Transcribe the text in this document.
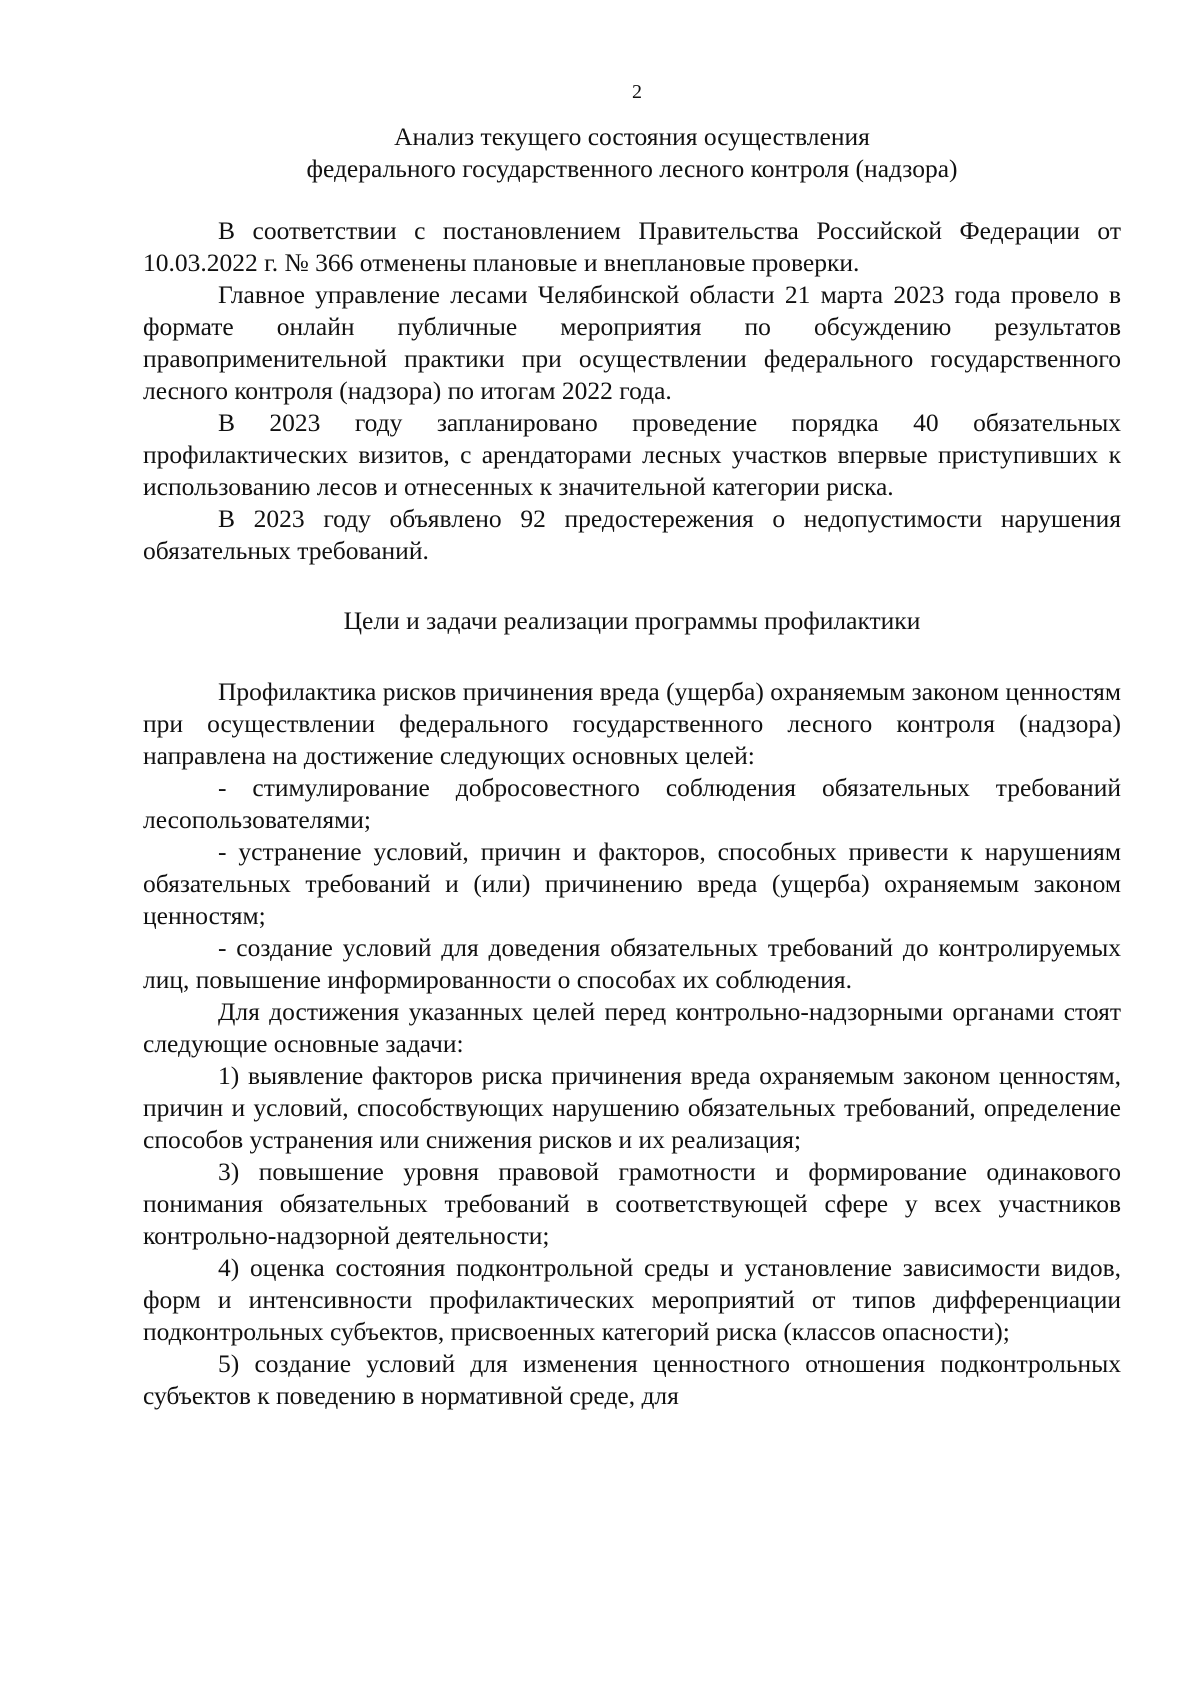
2
Анализ текущего состояния осуществления
федерального государственного лесного контроля (надзора)

В соответствии с постановлением Правительства Российской Федерации от 10.03.2022 г. № 366 отменены плановые и внеплановые проверки.

Главное управление лесами Челябинской области 21 марта 2023 года провело в формате онлайн публичные мероприятия по обсуждению результатов правоприменительной практики при осуществлении федерального государственного лесного контроля (надзора) по итогам 2022 года.

В 2023 году запланировано проведение порядка 40 обязательных профилактических визитов, с арендаторами лесных участков впервые приступивших к использованию лесов и отнесенных к значительной категории риска.

В 2023 году объявлено 92 предостережения о недопустимости нарушения обязательных требований.

Цели и задачи реализации программы профилактики

Профилактика рисков причинения вреда (ущерба) охраняемым законом ценностям при осуществлении федерального государственного лесного контроля (надзора) направлена на достижение следующих основных целей:

- стимулирование добросовестного соблюдения обязательных требований лесопользователями;

- устранение условий, причин и факторов, способных привести к нарушениям обязательных требований и (или) причинению вреда (ущерба) охраняемым законом ценностям;

- создание условий для доведения обязательных требований до контролируемых лиц, повышение информированности о способах их соблюдения.

Для достижения указанных целей перед контрольно-надзорными органами стоят следующие основные задачи:

1) выявление факторов риска причинения вреда охраняемым законом ценностям, причин и условий, способствующих нарушению обязательных требований, определение способов устранения или снижения рисков и их реализация;

3) повышение уровня правовой грамотности и формирование одинакового понимания обязательных требований в соответствующей сфере у всех участников контрольно-надзорной деятельности;

4) оценка состояния подконтрольной среды и установление зависимости видов, форм и интенсивности профилактических мероприятий от типов дифференциации подконтрольных субъектов, присвоенных категорий риска (классов опасности);

5) создание условий для изменения ценностного отношения подконтрольных субъектов к поведению в нормативной среде, для
